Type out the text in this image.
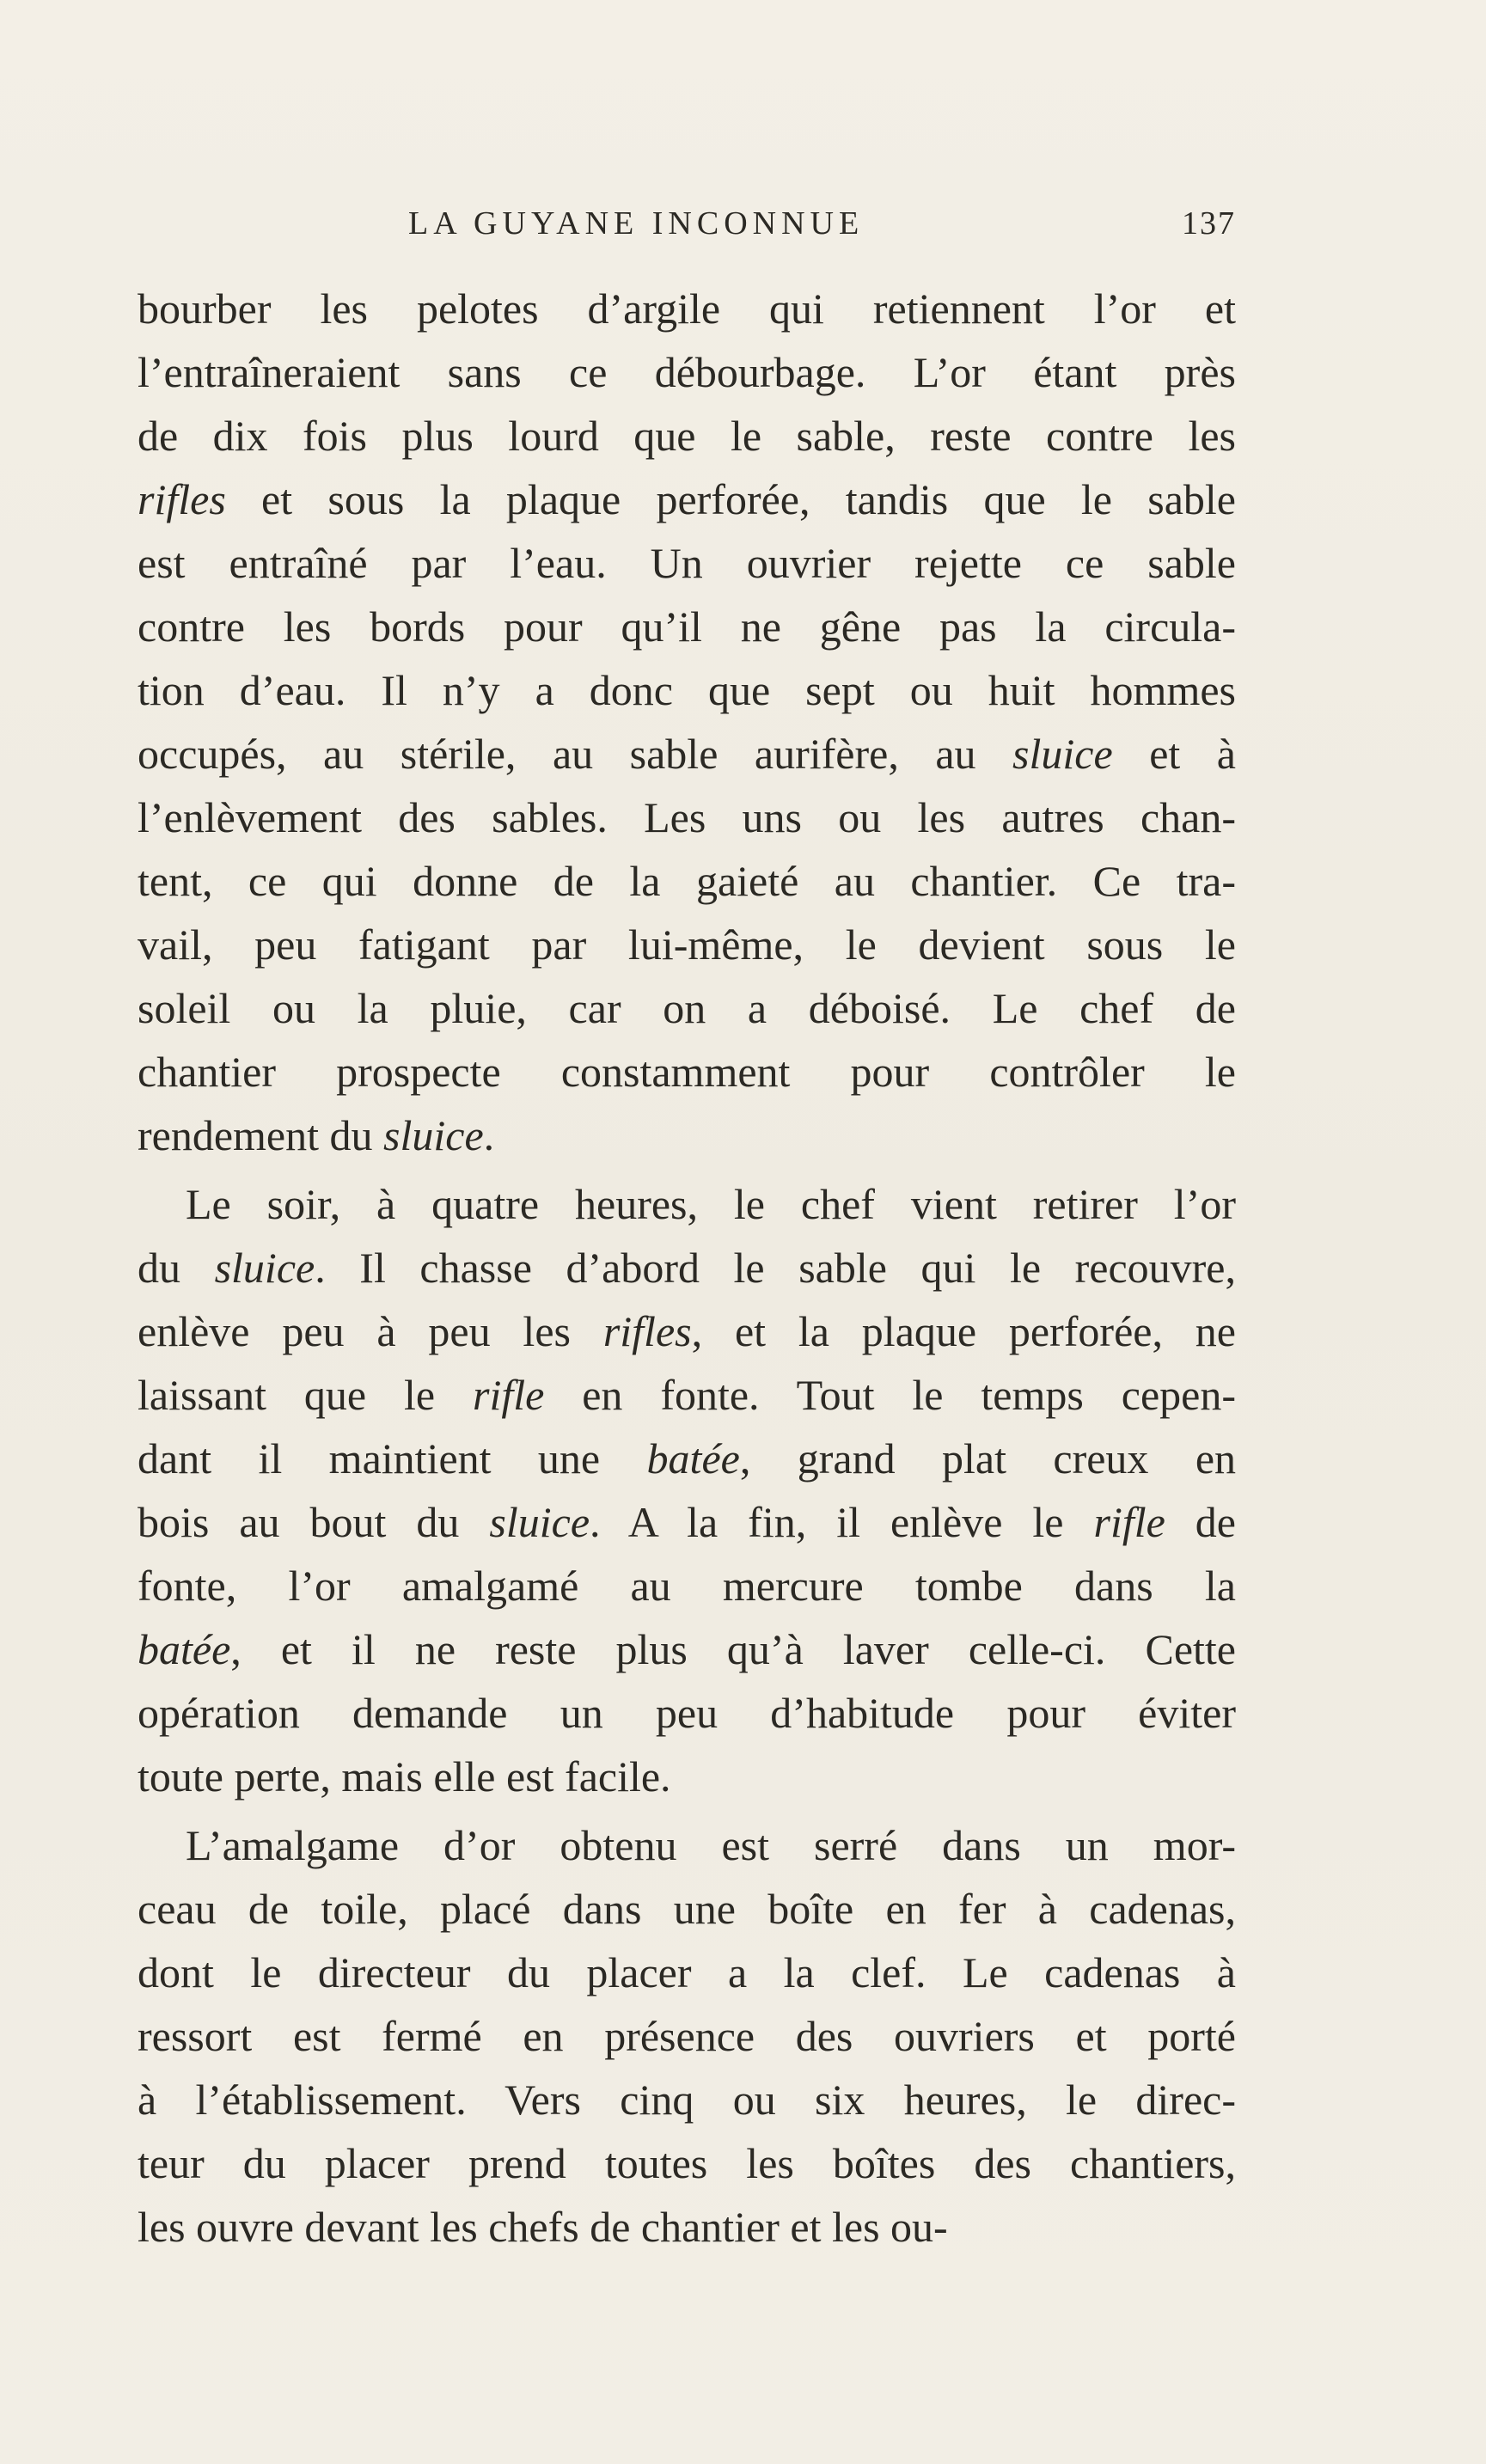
LA GUYANE INCONNUE	137
bourber les pelotes d’argile qui retiennent l’or et
l’entraîneraient sans ce débourbage. L’or étant près
de dix fois plus lourd que le sable, reste contre les
rifles et sous la plaque perforée, tandis que le sable
est entraîné par l’eau. Un ouvrier rejette ce sable
contre les bords pour qu’il ne gêne pas la circula-
tion d’eau. Il n’y a donc que sept ou huit hommes
occupés, au stérile, au sable aurifère, au sluice et à
l’enlèvement des sables. Les uns ou les autres chan-
tent, ce qui donne de la gaieté au chantier. Ce tra-
vail, peu fatigant par lui-même, le devient sous le
soleil ou la pluie, car on a déboisé. Le chef de
chantier prospecte constamment pour contrôler le
rendement du sluice.
Le soir, à quatre heures, le chef vient retirer l’or
du sluice. Il chasse d’abord le sable qui le recouvre,
enlève peu à peu les rifles, et la plaque perforée, ne
laissant que le rifle en fonte. Tout le temps cepen-
dant il maintient une batée, grand plat creux en
bois au bout du sluice. A la fin, il enlève le rifle de
fonte, l’or amalgamé au mercure tombe dans la
batée, et il ne reste plus qu’à laver celle-ci. Cette
opération demande un peu d’habitude pour éviter
toute perte, mais elle est facile.
L’amalgame d’or obtenu est serré dans un mor-
ceau de toile, placé dans une boîte en fer à cadenas,
dont le directeur du placer a la clef. Le cadenas à
ressort est fermé en présence des ouvriers et porté
à l’établissement. Vers cinq ou six heures, le direc-
teur du placer prend toutes les boîtes des chantiers,
les ouvre devant les chefs de chantier et les ou-
